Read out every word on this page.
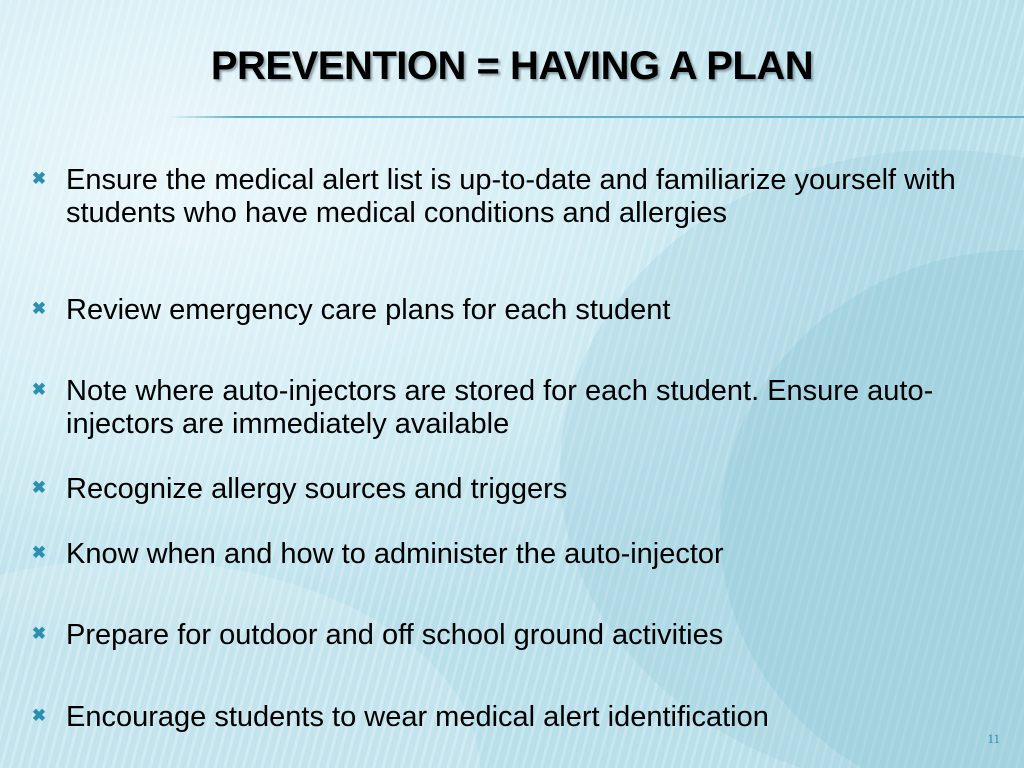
PREVENTION = HAVING A PLAN
✖ Ensure the medical alert list is up-to-date and familiarize yourself with students who have medical conditions and allergies
✖ Review emergency care plans for each student
✖ Note where auto-injectors are stored for each student. Ensure auto-injectors are immediately available
✖ Recognize allergy sources and triggers
✖ Know when and how to administer the auto-injector
✖ Prepare for outdoor and off school ground activities
✖ Encourage students to wear medical alert identification
11
